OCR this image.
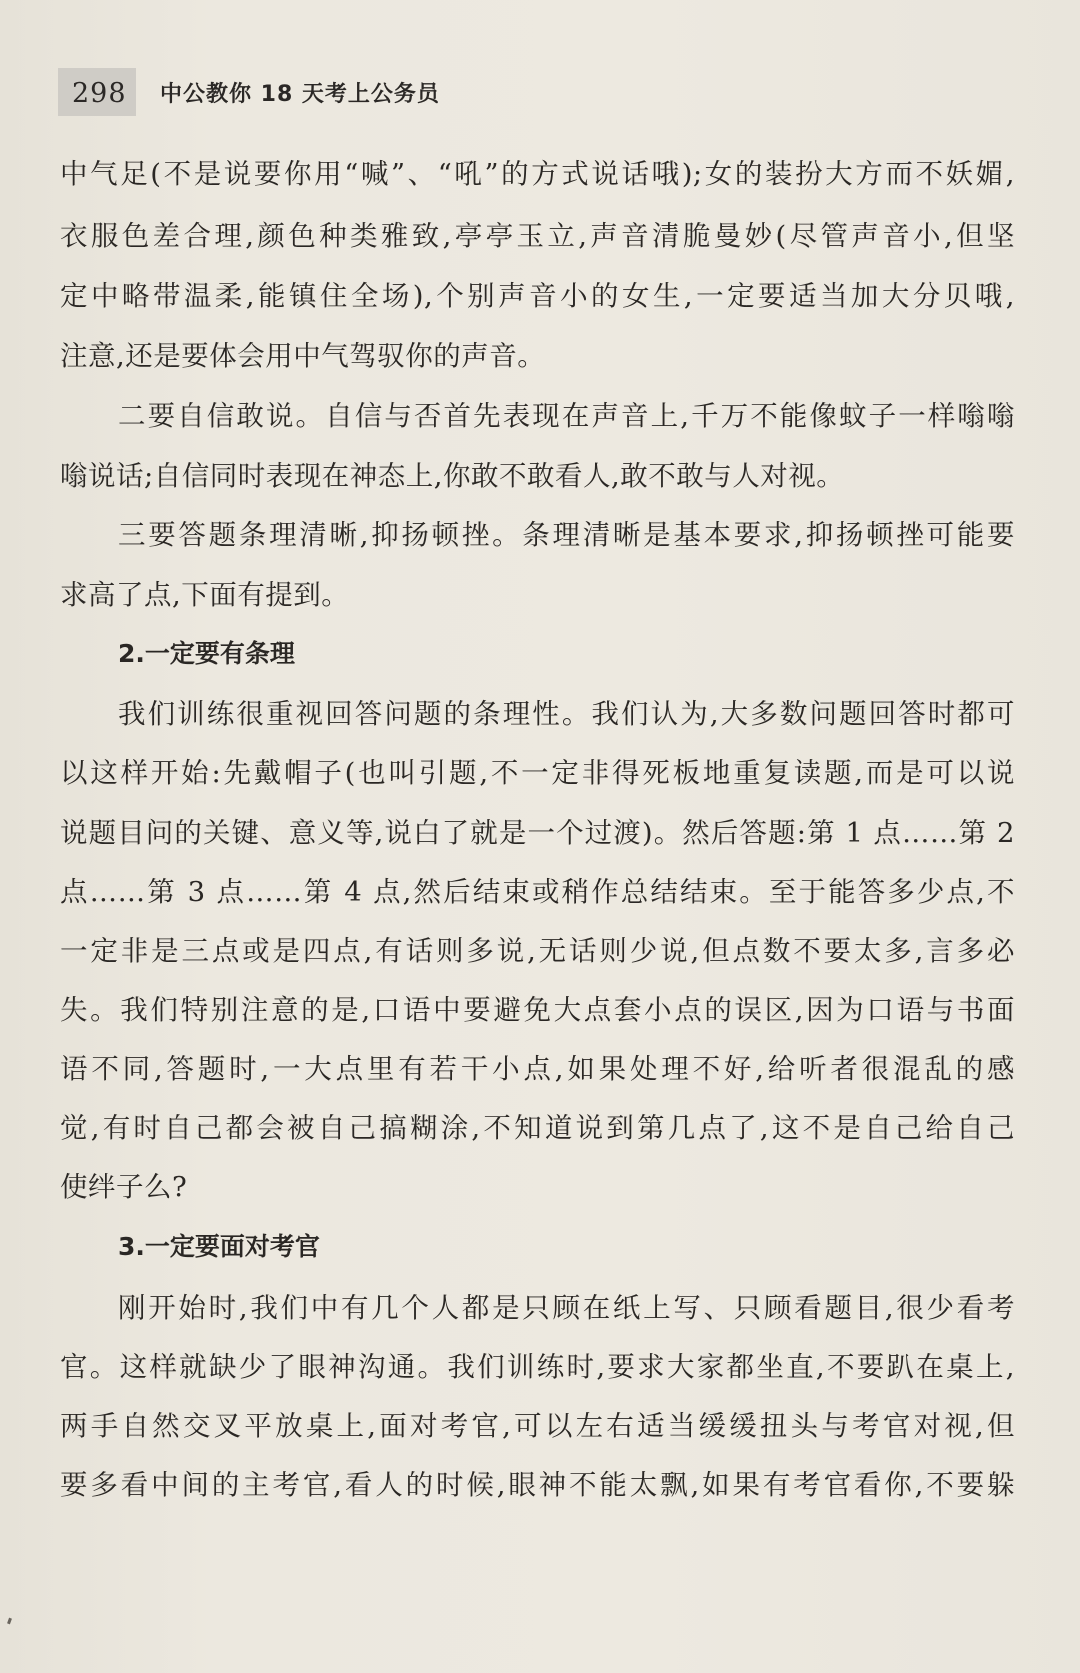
298 中公教你 18 天考上公务员
中气足(不是说要你用“喊”、“吼”的方式说话哦);女的装扮大方而不妖媚,
衣服色差合理,颜色种类雅致,亭亭玉立,声音清脆曼妙(尽管声音小,但坚
定中略带温柔,能镇住全场),个别声音小的女生,一定要适当加大分贝哦,
注意,还是要体会用中气驾驭你的声音。
二要自信敢说。自信与否首先表现在声音上,千万不能像蚊子一样嗡嗡
嗡说话;自信同时表现在神态上,你敢不敢看人,敢不敢与人对视。
三要答题条理清晰,抑扬顿挫。条理清晰是基本要求,抑扬顿挫可能要
求高了点,下面有提到。
2.一定要有条理
我们训练很重视回答问题的条理性。我们认为,大多数问题回答时都可
以这样开始:先戴帽子(也叫引题,不一定非得死板地重复读题,而是可以说
说题目问的关键、意义等,说白了就是一个过渡)。然后答题:第 1 点……第 2
点……第 3 点……第 4 点,然后结束或稍作总结结束。至于能答多少点,不
一定非是三点或是四点,有话则多说,无话则少说,但点数不要太多,言多必
失。我们特别注意的是,口语中要避免大点套小点的误区,因为口语与书面
语不同,答题时,一大点里有若干小点,如果处理不好,给听者很混乱的感
觉,有时自己都会被自己搞糊涂,不知道说到第几点了,这不是自己给自己
使绊子么?
3.一定要面对考官
刚开始时,我们中有几个人都是只顾在纸上写、只顾看题目,很少看考
官。这样就缺少了眼神沟通。我们训练时,要求大家都坐直,不要趴在桌上,
两手自然交叉平放桌上,面对考官,可以左右适当缓缓扭头与考官对视,但
要多看中间的主考官,看人的时候,眼神不能太飘,如果有考官看你,不要躲
